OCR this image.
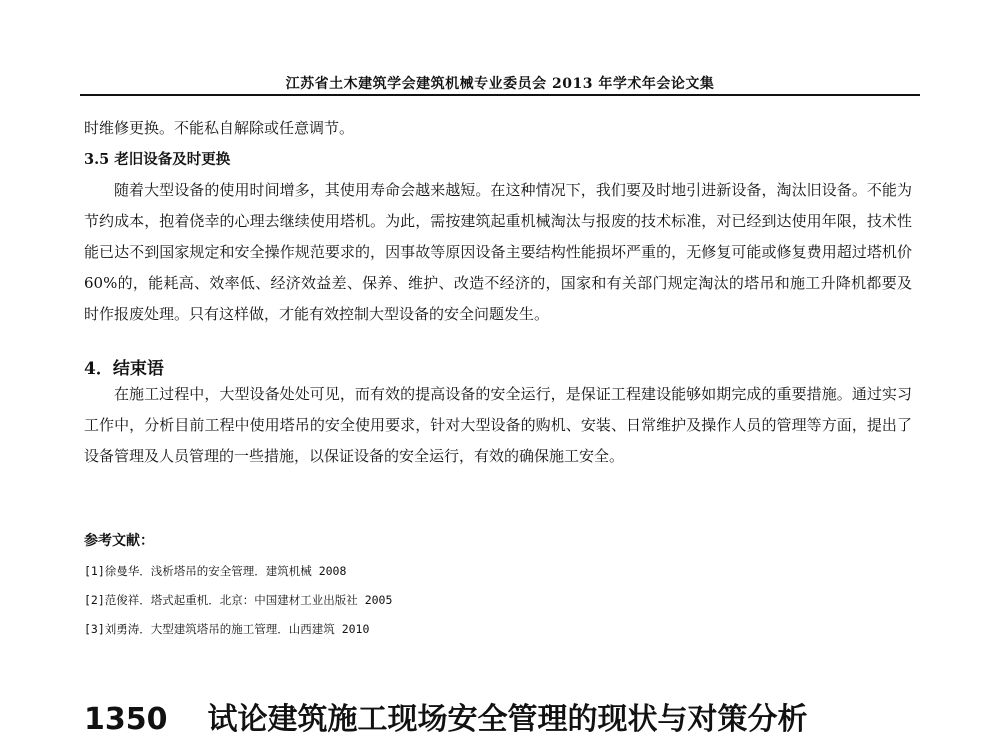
江苏省土木建筑学会建筑机械专业委员会 2013 年学术年会论文集

时维修更换。不能私自解除或任意调节。

3.5 老旧设备及时更换

随着大型设备的使用时间增多，其使用寿命会越来越短。在这种情况下，我们要及时地引进新设备，淘汰旧设备。不能为节约成本，抱着侥幸的心理去继续使用塔机。为此，需按建筑起重机械淘汰与报废的技术标准，对已经到达使用年限，技术性能已达不到国家规定和安全操作规范要求的，因事故等原因设备主要结构性能损坏严重的，无修复可能或修复费用超过塔机价 60%的，能耗高、效率低、经济效益差、保养、维护、改造不经济的，国家和有关部门规定淘汰的塔吊和施工升降机都要及时作报废处理。只有这样做，才能有效控制大型设备的安全问题发生。

4．结束语

在施工过程中，大型设备处处可见，而有效的提高设备的安全运行，是保证工程建设能够如期完成的重要措施。通过实习工作中，分析目前工程中使用塔吊的安全使用要求，针对大型设备的购机、安装、日常维护及操作人员的管理等方面，提出了设备管理及人员管理的一些措施，以保证设备的安全运行，有效的确保施工安全。

参考文献：

[1]徐曼华．浅析塔吊的安全管理．建筑机械 2008

[2]范俊祥．塔式起重机．北京：中国建材工业出版社 2005

[3]刘勇涛．大型建筑塔吊的施工管理．山西建筑 2010

1350 试论建筑施工现场安全管理的现状与对策分析
